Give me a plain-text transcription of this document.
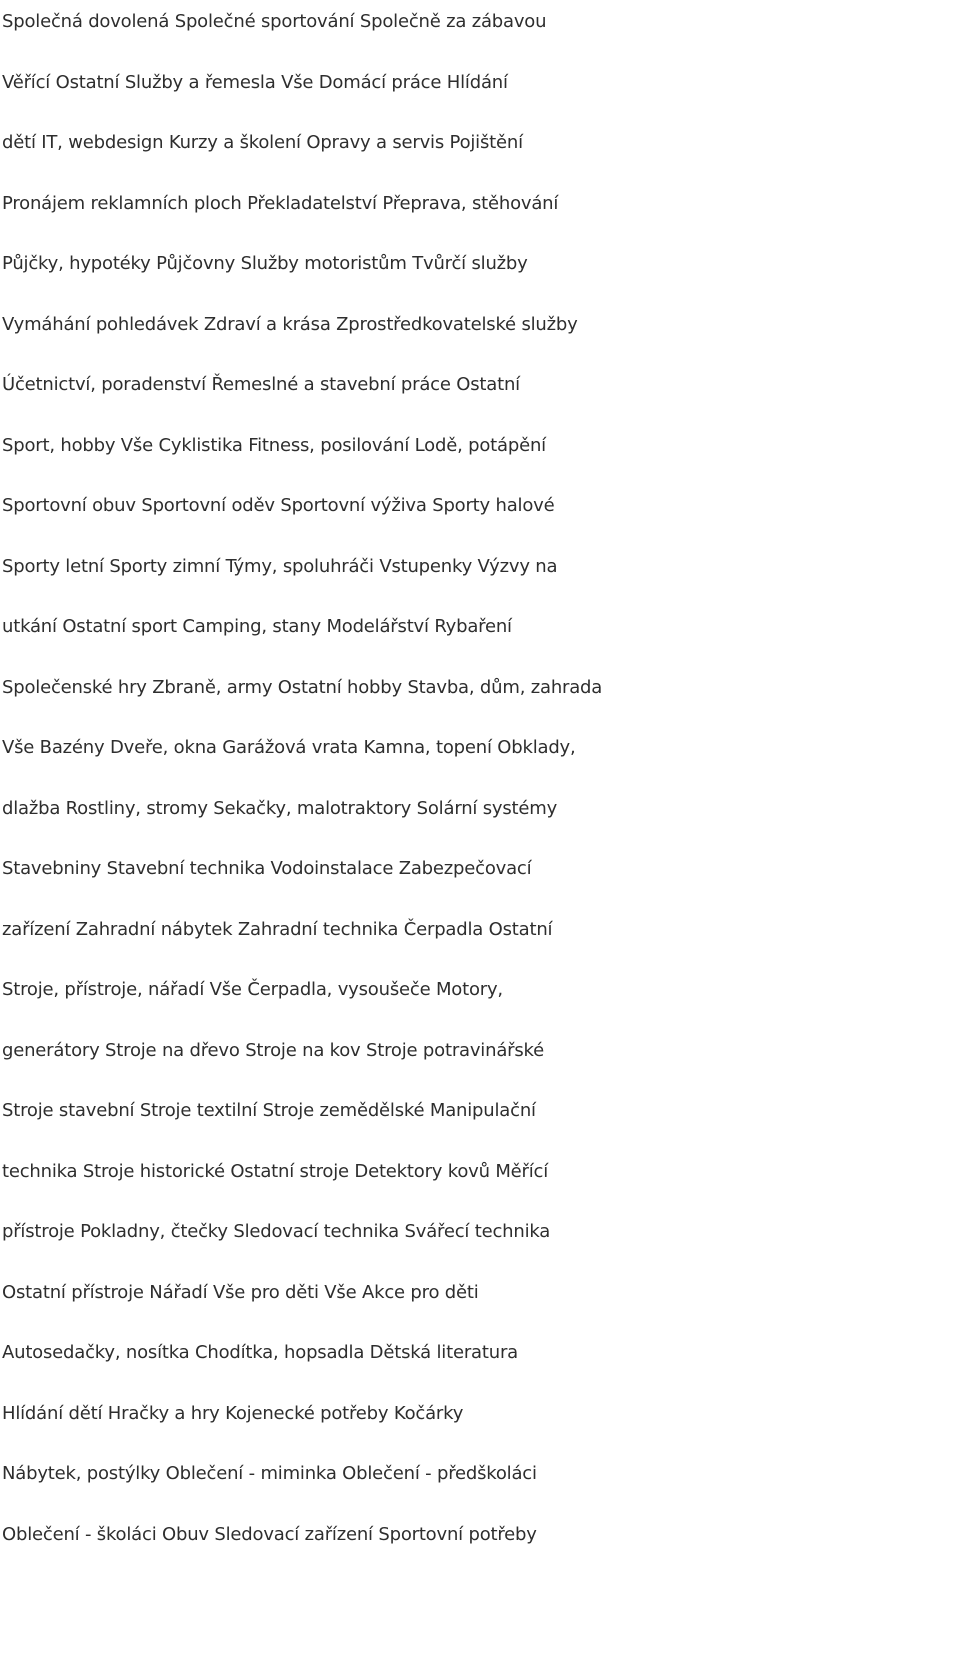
Společná dovolená Společné sportování Společně za zábavou
Věřící Ostatní Služby a řemesla Vše Domácí práce Hlídání
dětí IT, webdesign Kurzy a školení Opravy a servis Pojištění
Pronájem reklamních ploch Překladatelství Přeprava, stěhování
Půjčky, hypotéky Půjčovny Služby motoristům Tvůrčí služby
Vymáhání pohledávek Zdraví a krása Zprostředkovatelské služby
Účetnictví, poradenství Řemeslné a stavební práce Ostatní
Sport, hobby Vše Cyklistika Fitness, posilování Lodě, potápění
Sportovní obuv Sportovní oděv Sportovní výživa Sporty halové
Sporty letní Sporty zimní Týmy, spoluhráči Vstupenky Výzvy na
utkání Ostatní sport Camping, stany Modelářství Rybaření
Společenské hry Zbraně, army Ostatní hobby Stavba, dům, zahrada
Vše Bazény Dveře, okna Garážová vrata Kamna, topení Obklady,
dlažba Rostliny, stromy Sekačky, malotraktory Solární systémy
Stavebniny Stavební technika Vodoinstalace Zabezpečovací
zařízení Zahradní nábytek Zahradní technika Čerpadla Ostatní
Stroje, přístroje, nářadí Vše Čerpadla, vysoušeče Motory,
generátory Stroje na dřevo Stroje na kov Stroje potravinářské
Stroje stavební Stroje textilní Stroje zemědělské Manipulační
technika Stroje historické Ostatní stroje Detektory kovů Měřící
přístroje Pokladny, čtečky Sledovací technika Svářecí technika
Ostatní přístroje Nářadí Vše pro děti Vše Akce pro děti
Autosedačky, nosítka Chodítka, hopsadla Dětská literatura
Hlídání dětí Hračky a hry Kojenecké potřeby Kočárky
Nábytek, postýlky Oblečení - miminka Oblečení - předškoláci
Oblečení - školáci Obuv Sledovací zařízení Sportovní potřeby
